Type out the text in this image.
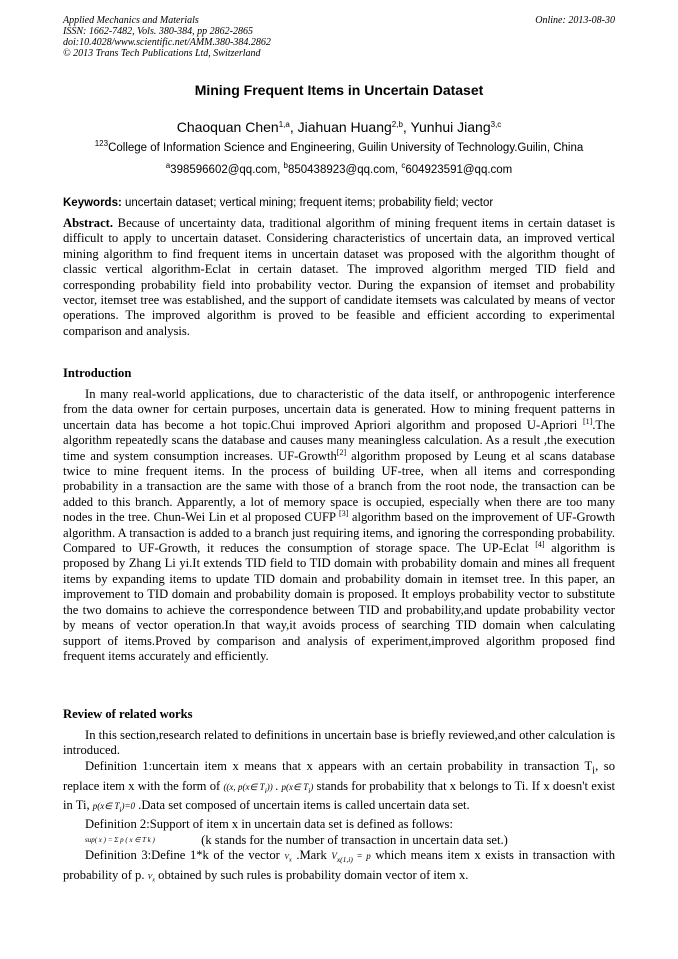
Applied Mechanics and Materials
ISSN: 1662-7482, Vols. 380-384, pp 2862-2865
doi:10.4028/www.scientific.net/AMM.380-384.2862
© 2013 Trans Tech Publications Ltd, Switzerland
Online: 2013-08-30
Mining Frequent Items in Uncertain Dataset
Chaoquan Chen$^{1,a}$, Jiahuan Huang$^{2,b}$, Yunhui Jiang$^{3,c}$
$^{123}$College of Information Science and Engineering, Guilin University of Technology.Guilin, China
$^a$398596602@qq.com, $^b$850438923@qq.com, $^c$604923591@qq.com
Keywords: uncertain dataset; vertical mining; frequent items; probability field; vector
Abstract. Because of uncertainty data, traditional algorithm of mining frequent items in certain dataset is difficult to apply to uncertain dataset. Considering characteristics of uncertain data, an improved vertical mining algorithm to find frequent items in uncertain dataset was proposed with the algorithm thought of classic vertical algorithm-Eclat in certain dataset. The improved algorithm merged TID field and corresponding probability field into probability vector. During the expansion of itemset and probability vector, itemset tree was established, and the support of candidate itemsets was calculated by means of vector operations. The improved algorithm is proved to be feasible and efficient according to experimental comparison and analysis.
Introduction
In many real-world applications, due to characteristic of the data itself, or anthropogenic interference from the data owner for certain purposes, uncertain data is generated. How to mining frequent patterns in uncertain data has become a hot topic.Chui improved Apriori algorithm and proposed U-Apriori [1].The algorithm repeatedly scans the database and causes many meaningless calculation. As a result ,the execution time and system consumption increases. UF-Growth[2] algorithm proposed by Leung et al scans database twice to mine frequent items. In the process of building UF-tree, when all items and corresponding probability in a transaction are the same with those of a branch from the root node, the transaction can be added to this branch. Apparently, a lot of memory space is occupied, especially when there are too many nodes in the tree. Chun-Wei Lin et al proposed CUFP [3] algorithm based on the improvement of UF-Growth algorithm. A transaction is added to a branch just requiring items, and ignoring the corresponding probability. Compared to UF-Growth, it reduces the consumption of storage space. The UP-Eclat [4] algorithm is proposed by Zhang Li yi.It extends TID field to TID domain with probability domain and mines all frequent items by expanding items to update TID domain and probability domain in itemset tree. In this paper, an improvement to TID domain and probability domain is proposed. It employs probability vector to substitute the two domains to achieve the correspondence between TID and probability,and update probability vector by means of vector operation.In that way,it avoids process of searching TID domain when calculating support of items.Proved by comparison and analysis of experiment,improved algorithm proposed find frequent items accurately and efficiently.
Review of related works

In this section,research related to definitions in uncertain base is briefly reviewed,and other calculation is introduced.

Definition 1:uncertain item x means that x appears with an certain probability in transaction $T_i$, so replace item x with the form of ((x, p(x∈ $T_i$)) . p(x∈ $T_i$) stands for probability that x belongs to Ti. If x doesn't exist in Ti, p(x∈ $T_i)=0$ .Data set composed of uncertain items is called uncertain data set.

Definition 2:Support of item x in uncertain data set is defined as follows:
sup( x ) = Σ p ( x ∈ T k )	(k stands for the number of transaction in uncertain data set.)

Definition 3:Define 1*k of the vector $V_x$ .Mark $V_{x(1,i)} = p$ which means item x exists in transaction with probability of p. $V_x$ obtained by such rules is probability domain vector of item x.
